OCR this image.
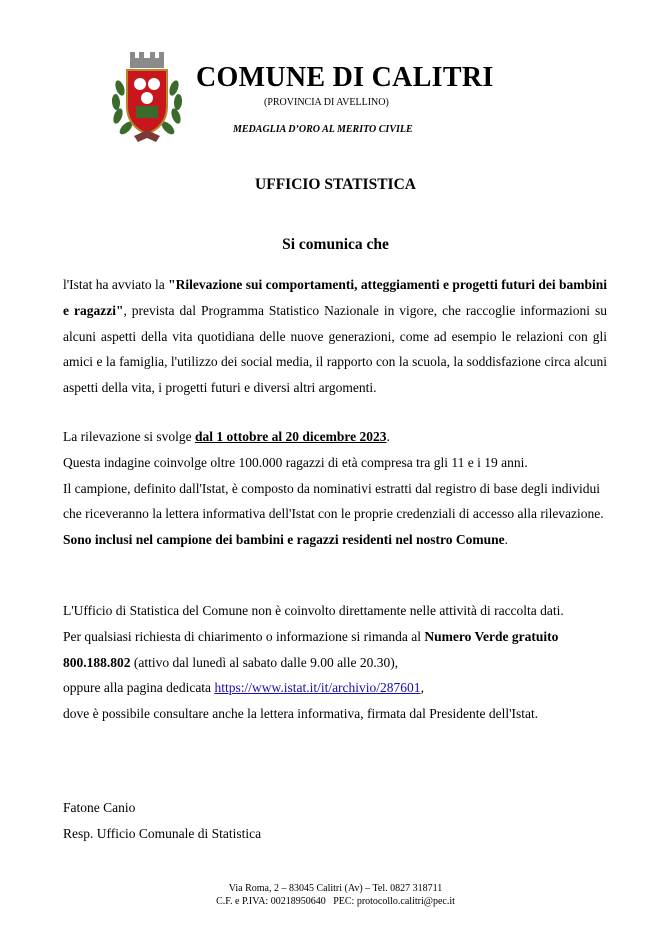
COMUNE DI CALITRI
(PROVINCIA DI AVELLINO)
MEDAGLIA D’ORO AL MERITO CIVILE
UFFICIO STATISTICA
Si comunica che
l'Istat ha avviato la "Rilevazione sui comportamenti, atteggiamenti e progetti futuri dei bambini e ragazzi", prevista dal Programma Statistico Nazionale in vigore, che raccoglie informazioni su alcuni aspetti della vita quotidiana delle nuove generazioni, come ad esempio le relazioni con gli amici e la famiglia, l'utilizzo dei social media, il rapporto con la scuola, la soddisfazione circa alcuni aspetti della vita, i progetti futuri e diversi altri argomenti.
La rilevazione si svolge dal 1 ottobre al 20 dicembre 2023.
Questa indagine coinvolge oltre 100.000 ragazzi di età compresa tra gli 11 e i 19 anni.
Il campione, definito dall'Istat, è composto da nominativi estratti dal registro di base degli individui che riceveranno la lettera informativa dell'Istat con le proprie credenziali di accesso alla rilevazione.
Sono inclusi nel campione dei bambini e ragazzi residenti nel nostro Comune.
L'Ufficio di Statistica del Comune non è coinvolto direttamente nelle attività di raccolta dati.
Per qualsiasi richiesta di chiarimento o informazione si rimanda al Numero Verde gratuito 800.188.802 (attivo dal lunedì al sabato dalle 9.00 alle 20.30),
oppure alla pagina dedicata https://www.istat.it/it/archivio/287601,
dove è possibile consultare anche la lettera informativa, firmata dal Presidente dell'Istat.
Fatone Canio
Resp. Ufficio Comunale di Statistica
Via Roma, 2 – 83045 Calitri (Av) – Tel. 0827 318711
C.F. e P.IVA: 00218950640   PEC: protocollo.calitri@pec.it
